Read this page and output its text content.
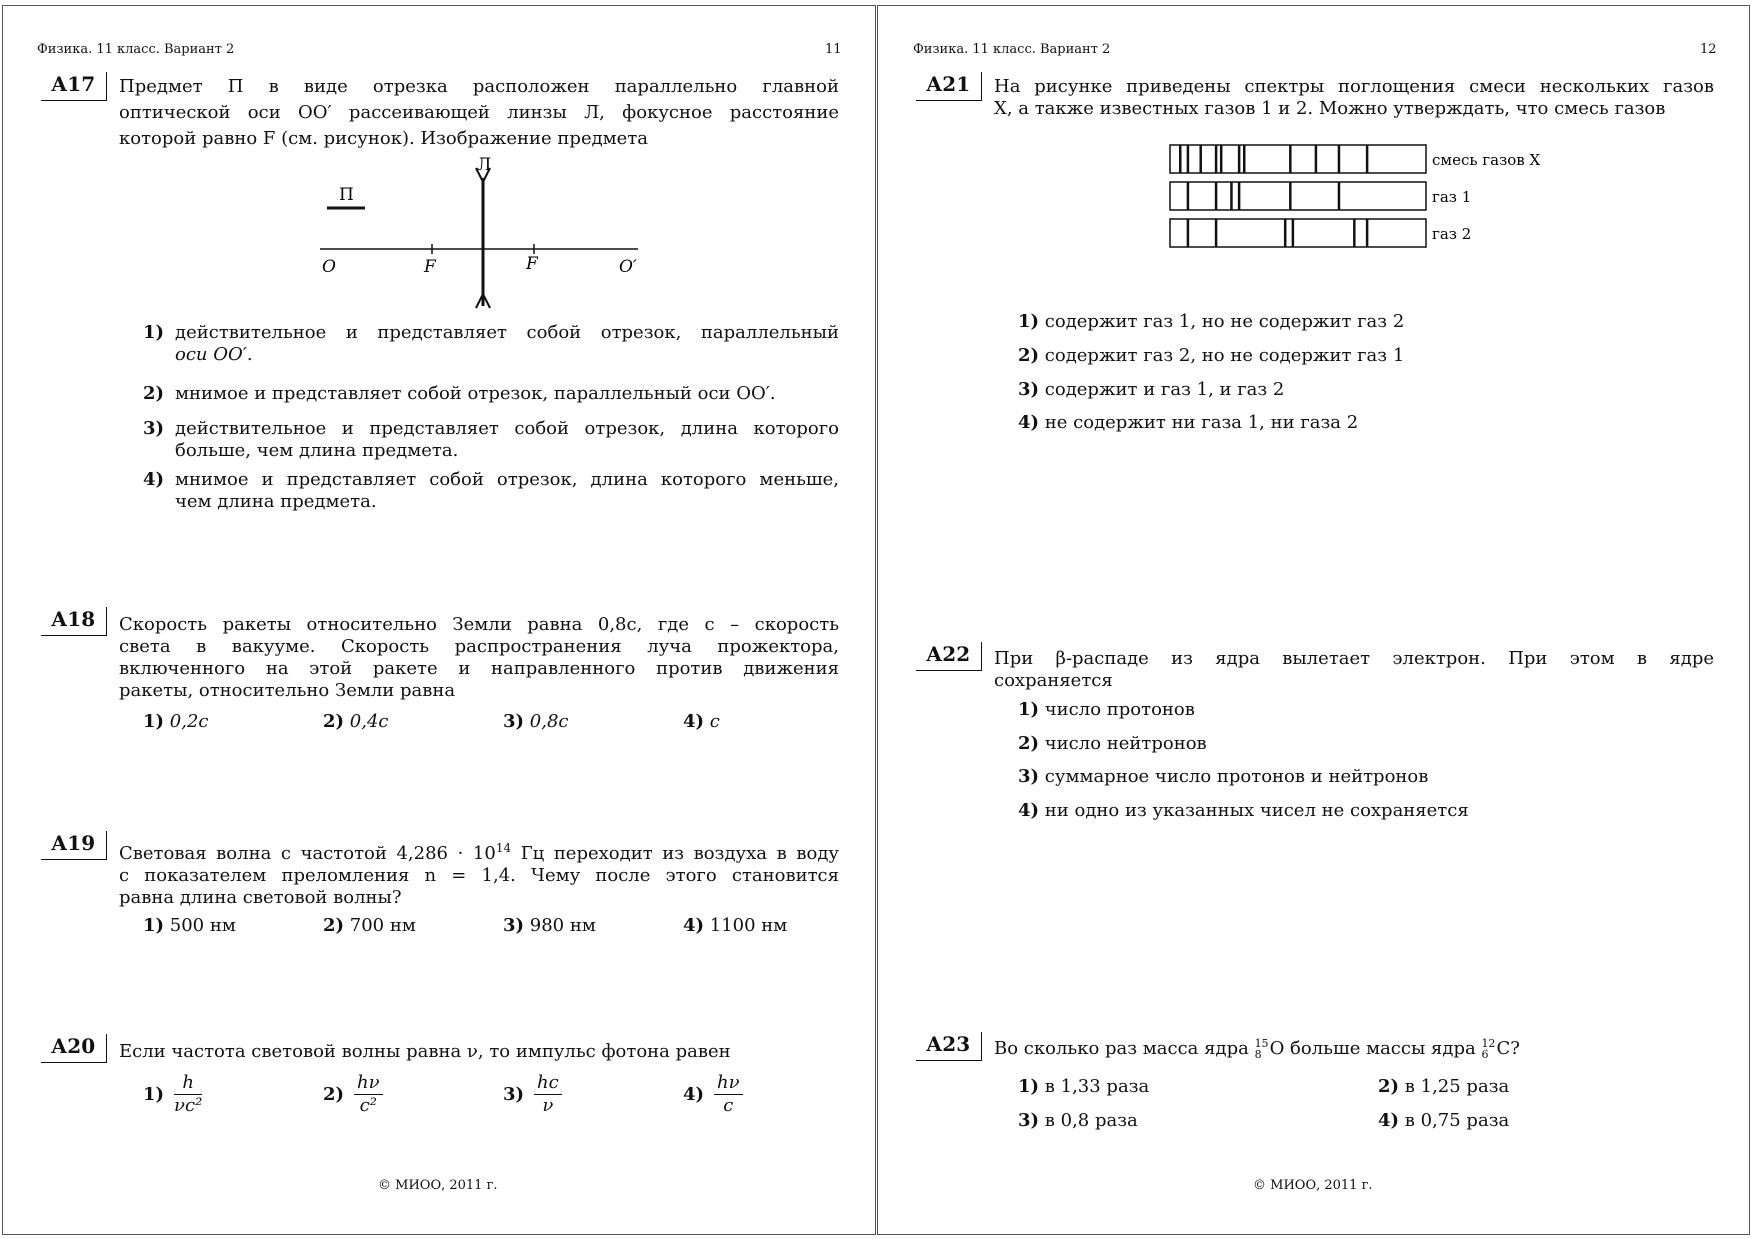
Физика. 11 класс. Вариант 2	11
А17 Предмет П в виде отрезка расположен параллельно главной
оптической оси OO′ рассеивающей линзы Л, фокусное расстояние
которой равно F (см. рисунок). Изображение предмета
Л
П
O	F	F	O′
1) действительное и представляет собой отрезок, параллельный
оси OO′.
2) мнимое и представляет собой отрезок, параллельный оси OO′.
3) действительное и представляет собой отрезок, длина которого
больше, чем длина предмета.
4) мнимое и представляет собой отрезок, длина которого меньше,
чем длина предмета.
А18 Скорость ракеты относительно Земли равна 0,8c, где c – скорость
света в вакууме. Скорость распространения луча прожектора,
включенного на этой ракете и направленного против движения
ракеты, относительно Земли равна
1) 0,2c	2) 0,4c	3) 0,8c	4) c
А19 Световая волна с частотой $4,286 \cdot 10^{14}$ Гц переходит из воздуха в воду
с показателем преломления n = 1,4. Чему после этого становится
равна длина световой волны?
1) 500 нм	2) 700 нм	3) 980 нм	4) 1100 нм
А20 Если частота световой волны равна ν, то импульс фотона равен
$1) \frac{h}{\text{νc²}}$	$2) \frac{h\nu}{\text{c²}}$	$3) \frac{hc}{\nu}$	$4) \frac{h\nu}{c}$
© МИОО, 2011 г.
Физика. 11 класс. Вариант 2	12
А21 На рисунке приведены спектры поглощения смеси нескольких газов
X, а также известных газов 1 и 2. Можно утверждать, что смесь газов
смесь газов X
газ 1
газ 2
1) содержит газ 1, но не содержит газ 2
2) содержит газ 2, но не содержит газ 1
3) содержит и газ 1, и газ 2
4) не содержит ни газа 1, ни газа 2
А22 При β-распаде из ядра вылетает электрон. При этом в ядре
сохраняется
1) число протонов
2) число нейтронов
3) суммарное число протонов и нейтронов
4) ни одно из указанных чисел не сохраняется
А23 Во сколько раз масса ядра 15
8 O больше массы ядра 12
6 C?
1) в 1,33 раза	2) в 1,25 раза
3) в 0,8 раза	4) в 0,75 раза
© МИОО, 2011 г.
